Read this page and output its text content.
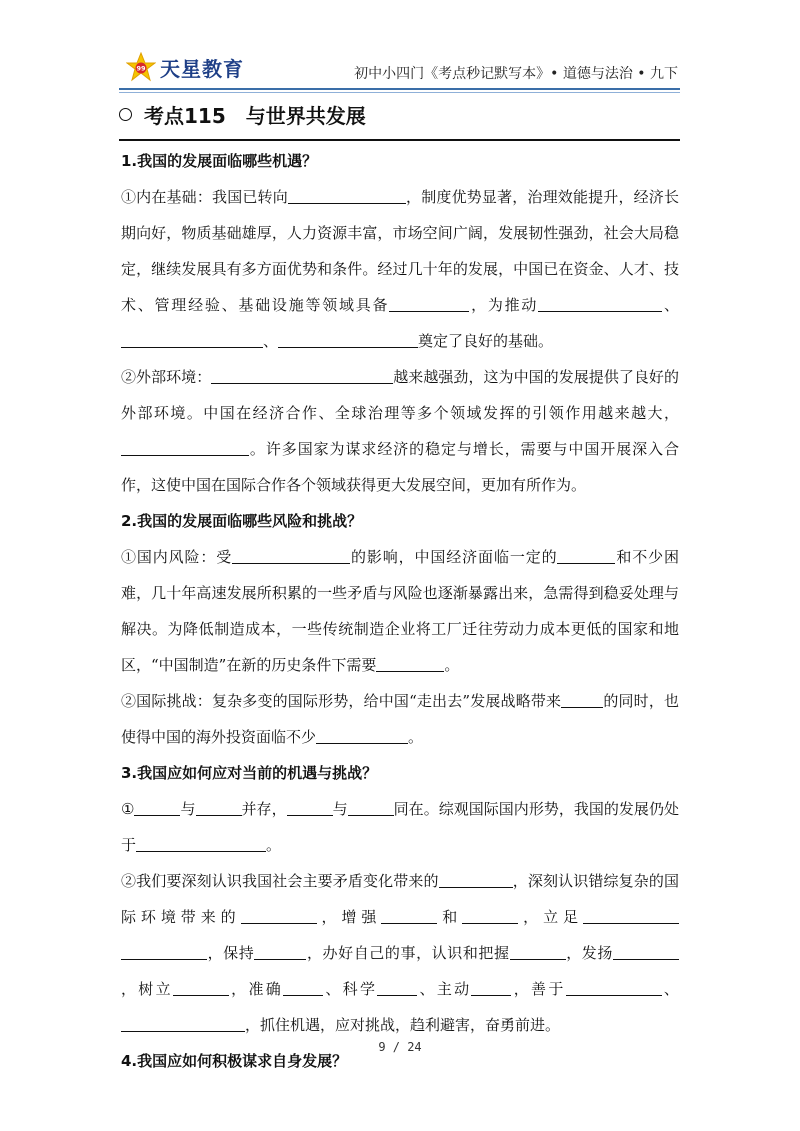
99 天星教育	初中小四门《考点秒记默写本》• 道德与法治 • 九下
考点115　与世界共发展

1.我国的发展面临哪些机遇？

①内在基础：我国已转向	，制度优势显著，治理效能提升，经济长期向好，物质基础雄厚，人力资源丰富，市场空间广阔，发展韧性强劲，社会大局稳定，继续发展具有多方面优势和条件。经过几十年的发展，中国已在资金、人才、技术、管理经验、基础设施等领域具备	，为推动	、、	奠定了良好的基础。

②外部环境：	越来越强劲，这为中国的发展提供了良好的外部环境。中国在经济合作、全球治理等多个领域发挥的引领作用越来越大，。许多国家为谋求经济的稳定与增长，需要与中国开展深入合作，这使中国在国际合作各个领域获得更大发展空间，更加有所作为。

2.我国的发展面临哪些风险和挑战？

①国内风险：受	的影响，中国经济面临一定的	和不少困难，几十年高速发展所积累的一些矛盾与风险也逐渐暴露出来，急需得到稳妥处理与解决。为降低制造成本，一些传统制造企业将工厂迁往劳动力成本更低的国家和地区，“中国制造”在新的历史条件下需要	。

②国际挑战：复杂多变的国际形势，给中国“走出去”发展战略带来	的同时，也使得中国的海外投资面临不少	。

3.我国应如何应对当前的机遇与挑战？

①	与	并存，	与	同在。综观国际国内形势，我国的发展仍处于	。

②我们要深刻认识我国社会主要矛盾变化带来的	，深刻认识错综复杂的国际环境带来的	，增强	和	，立足，保持	，办好自己的事，认识和把握	，发扬，树立	，准确	、科学	、主动	，善于	、，抓住机遇，应对挑战，趋利避害，奋勇前进。

4.我国应如何积极谋求自身发展？

9 / 24
